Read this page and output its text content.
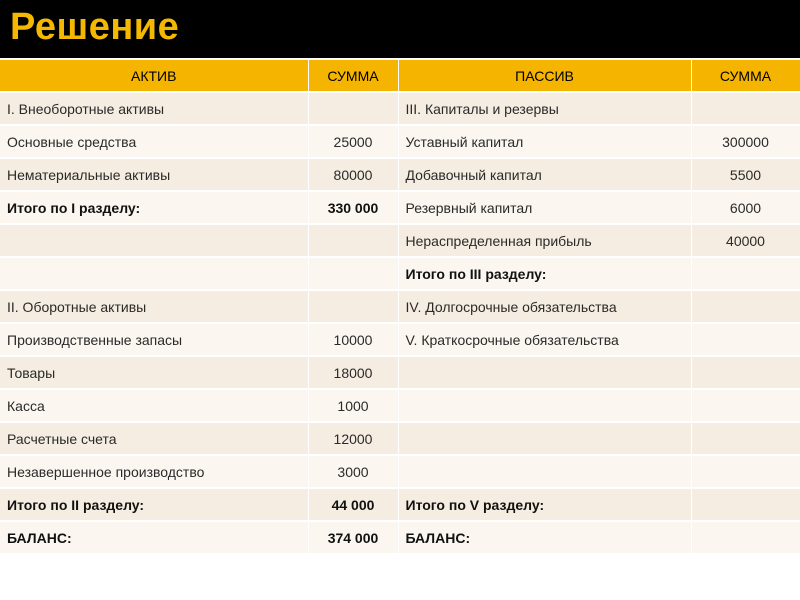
Решение
АКТИВ	СУММА	ПАССИВ	СУММА
I. Внеоборотные активы		III. Капиталы и резервы	
Основные средства	25000	Уставный капитал	300000
Нематериальные активы	80000	Добавочный капитал	5500
Итого по I разделу:	330 000	Резервный капитал	6000
		Нераспределенная прибыль	40000
		Итого по III разделу:	
II. Оборотные активы		IV. Долгосрочные обязательства	
Производственные запасы	10000	V. Краткосрочные обязательства	
Товары	18000		
Касса	1000		
Расчетные счета	12000		
Незавершенное производство	3000		
Итого по II разделу:	44 000	Итого по V разделу:	
БАЛАНС:	374 000	БАЛАНС:	
